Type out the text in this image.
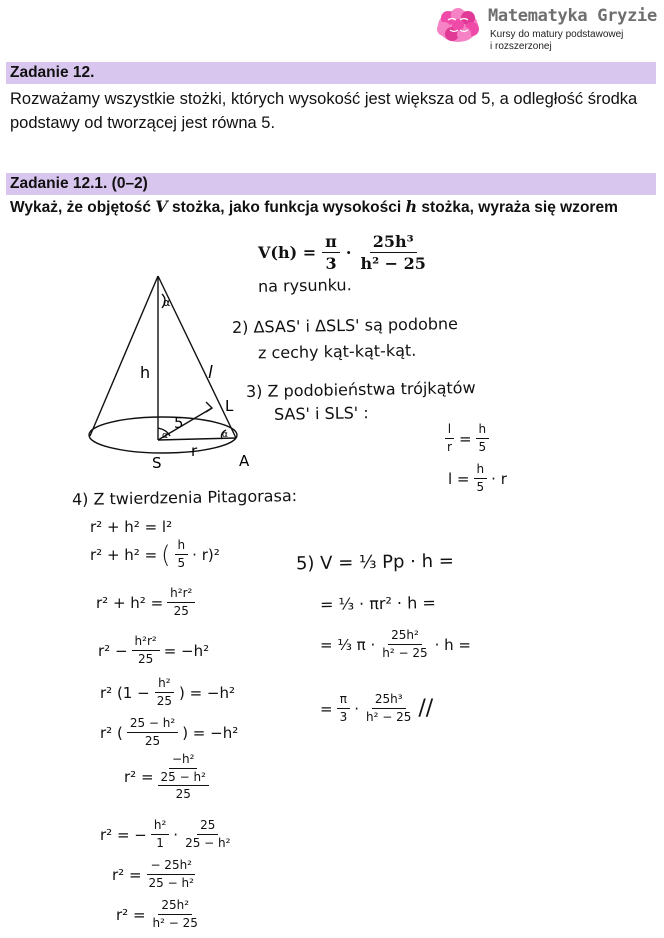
Matematyka Gryzie
Kursy do matury podstawowej
i rozszerzonej
Zadanie 12.
Rozważamy wszystkie stożki, których wysokość jest większa od 5, a odległość środka podstawy od tworzącej jest równa 5.
Zadanie 12.1. (0–2)
Wykaż, że objętość V stożka, jako funkcja wysokości h stożka, wyraża się wzorem
$V(h) = \frac{\pi}{3} \cdot \frac{\text{25h³}}{\text{h² − 25}}$
S	A
L
h	l
r
5
α	α
α
na rysunku.
2) ΔSAS' i ΔSLS' są podobne
z cechy kąt-kąt-kąt.
3) Z podobieństwa trójkątów
SAS' i SLS' :
$\frac{l}{r} = \frac{h}{5}$
$l = \frac{h}{5} \cdot r$
4) Z twierdzenia Pitagorasa:
r² + h² = l²
r² + h² = ( $\frac{h}{5} \cdot r)^2$
$r^2 + h^2 = \frac{\text{h²r²}}{25}$
$r^2 - \frac{\text{h²r²}}{25} = -h^2$
r² ($1 - \frac{\text{h²}}{25}$ ) = −h²
r² ( $\frac{\text{25 − h²}}{25}$ ) = −h²
r² =
−h²
25 − h²
25
r² = − $\frac{\text{h²}}{1} \cdot \frac{25}{\text{25 − h²}}$
$r^2 = \frac{\text{− 25h²}}{\text{25 − h²}}$
$r^2 = \frac{\text{25h²}}{\text{h² − 25}}$
5) V = ⅓ Pp · h =
= ⅓ · πr² · h =
= ⅓ $\pi \cdot \frac{\text{25h²}}{\text{h² − 25}} \cdot h$ =
= $\frac{\pi}{3} \cdot \frac{\text{25h³}}{\text{h² − 25}}$ //
